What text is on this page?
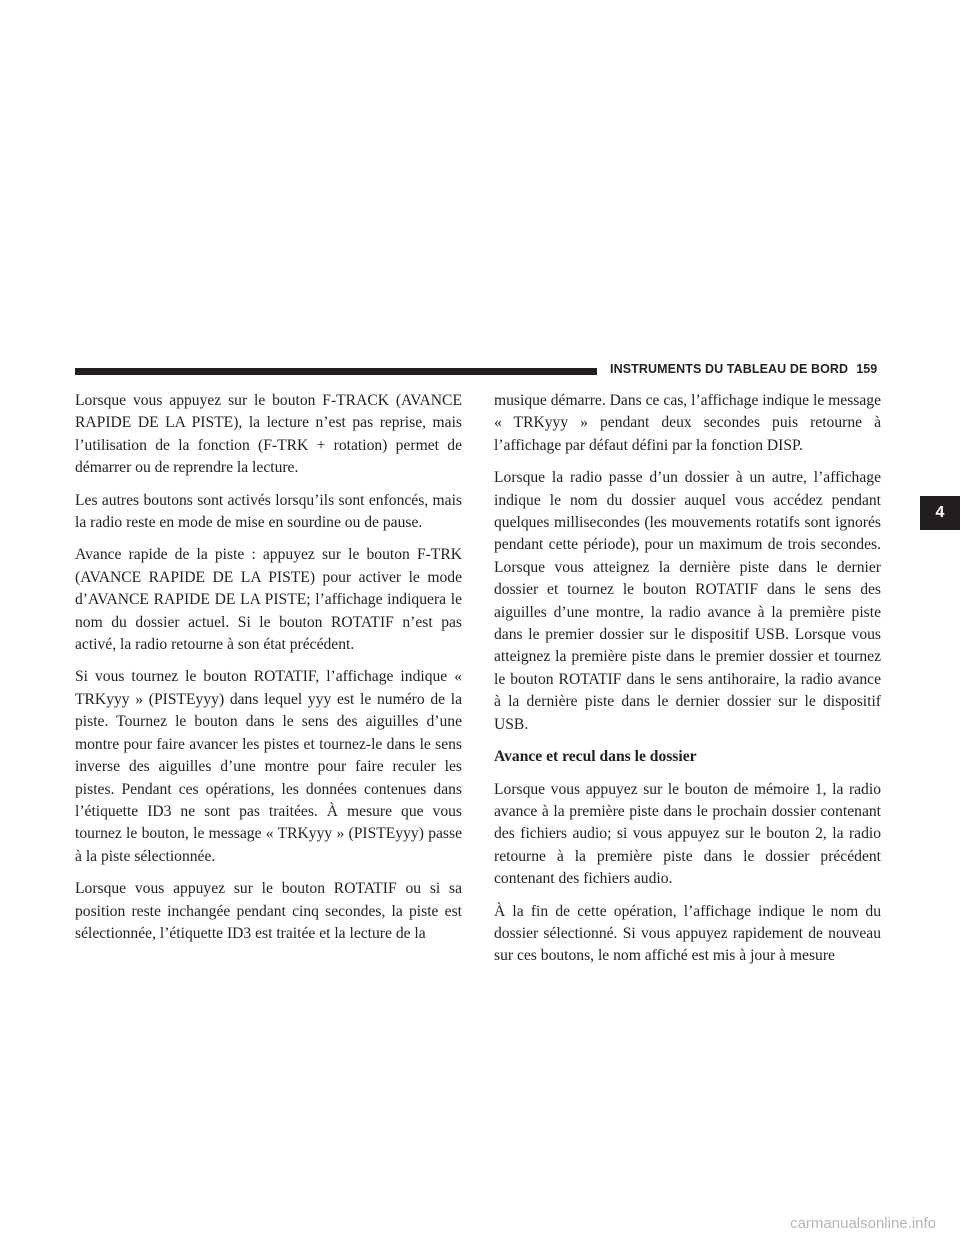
INSTRUMENTS DU TABLEAU DE BORD 159
4

Lorsque vous appuyez sur le bouton F-TRACK (AVANCE RAPIDE DE LA PISTE), la lecture n’est pas reprise, mais l’utilisation de la fonction (F-TRK + rotation) permet de démarrer ou de reprendre la lecture.

Les autres boutons sont activés lorsqu’ils sont enfoncés, mais la radio reste en mode de mise en sourdine ou de pause.

Avance rapide de la piste : appuyez sur le bouton F-TRK (AVANCE RAPIDE DE LA PISTE) pour activer le mode d’AVANCE RAPIDE DE LA PISTE; l’affichage indiquera le nom du dossier actuel. Si le bouton ROTATIF n’est pas activé, la radio retourne à son état précédent.

Si vous tournez le bouton ROTATIF, l’affichage indique « TRKyyy » (PISTEyyy) dans lequel yyy est le numéro de la piste. Tournez le bouton dans le sens des aiguilles d’une montre pour faire avancer les pistes et tournez-le dans le sens inverse des aiguilles d’une montre pour faire reculer les pistes. Pendant ces opérations, les données contenues dans l’étiquette ID3 ne sont pas traitées. À mesure que vous tournez le bouton, le message « TRKyyy » (PISTEyyy) passe à la piste sélectionnée.

Lorsque vous appuyez sur le bouton ROTATIF ou si sa position reste inchangée pendant cinq secondes, la piste est sélectionnée, l’étiquette ID3 est traitée et la lecture de la

musique démarre. Dans ce cas, l’affichage indique le message « TRKyyy » pendant deux secondes puis retourne à l’affichage par défaut défini par la fonction DISP.

Lorsque la radio passe d’un dossier à un autre, l’affichage indique le nom du dossier auquel vous accédez pendant quelques millisecondes (les mouvements rotatifs sont ignorés pendant cette période), pour un maximum de trois secondes. Lorsque vous atteignez la dernière piste dans le dernier dossier et tournez le bouton ROTATIF dans le sens des aiguilles d’une montre, la radio avance à la première piste dans le premier dossier sur le dispositif USB. Lorsque vous atteignez la première piste dans le premier dossier et tournez le bouton ROTATIF dans le sens antihoraire, la radio avance à la dernière piste dans le dernier dossier sur le dispositif USB.

Avance et recul dans le dossier

Lorsque vous appuyez sur le bouton de mémoire 1, la radio avance à la première piste dans le prochain dossier contenant des fichiers audio; si vous appuyez sur le bouton 2, la radio retourne à la première piste dans le dossier précédent contenant des fichiers audio.

À la fin de cette opération, l’affichage indique le nom du dossier sélectionné. Si vous appuyez rapidement de nouveau sur ces boutons, le nom affiché est mis à jour à mesure

carmanualsonline.info
